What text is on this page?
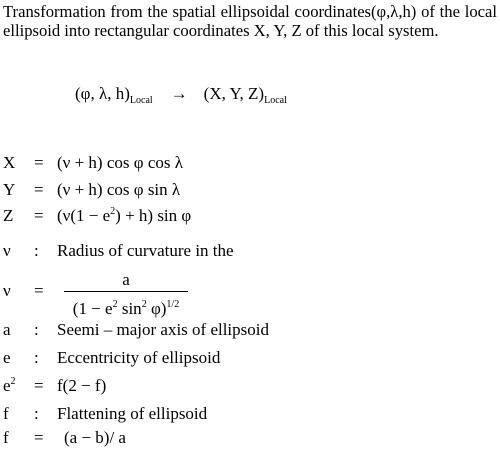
Transformation from the spatial ellipsoidal coordinates(φ,λ,h) of the local ellipsoid into rectangular coordinates X, Y, Z of this local system.

(φ, λ, $h)_{Local} \to (X$, Y, $Z)_{Local}$
X = (ν + h) cos φ cos λ
Y = (ν + h) cos φ sin λ
$Z = (\nu(1 - e^2) + h)$ sin φ
ν : Radius of curvature in the
ν =
a
($1 - e^2$ $\sin^2 \varphi)^{1/2}$
a : Seemi – major axis of ellipsoid
e : Eccentricity of ellipsoid
$e^2 = f(2 - f)$
f : Flattening of ellipsoid
f = (a − b)/ a
